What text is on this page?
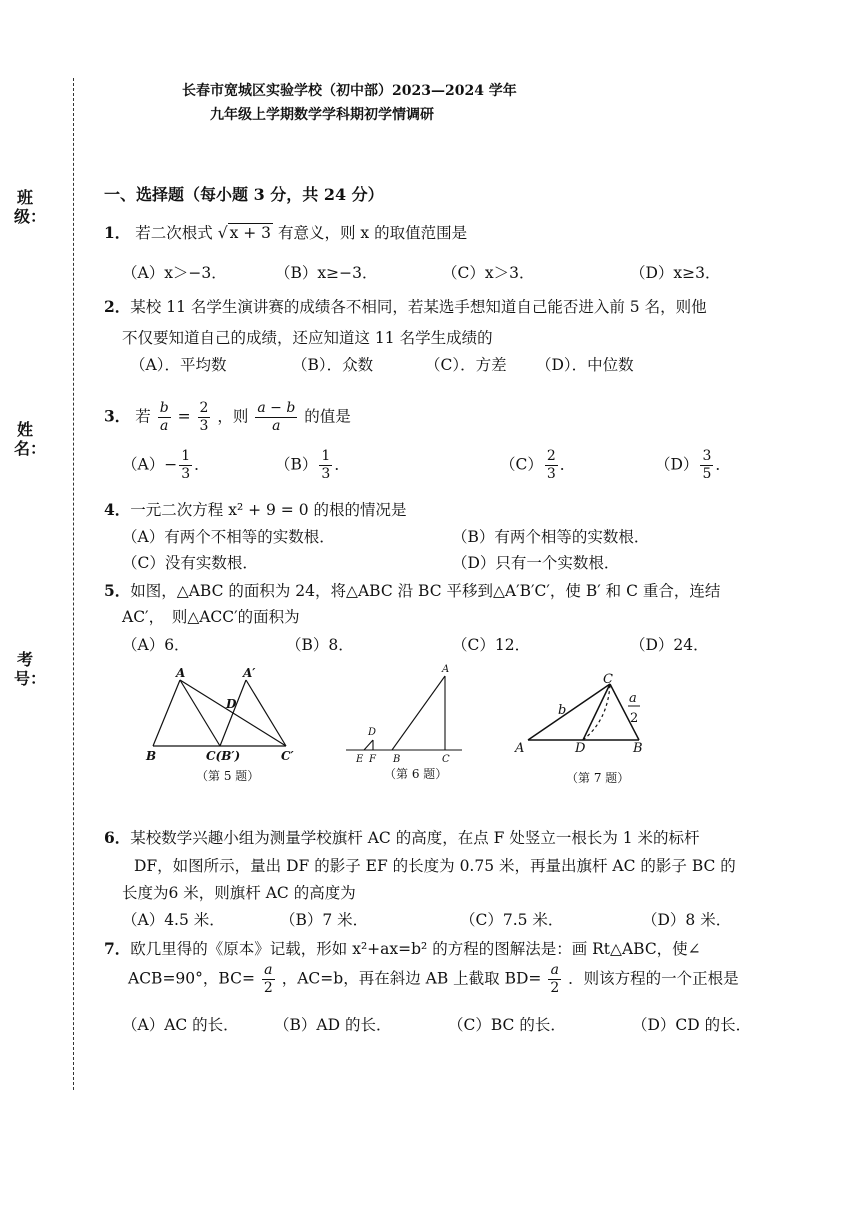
班级：
姓名：
考号：
长春市宽城区实验学校（初中部）2023—2024 学年
九年级上学期数学学科期初学情调研
一、选择题（每小题 3 分，共 24 分）
1． 若二次根式 √ x + 3 有意义，则 x 的取值范围是
（A）x＞−3．	（B）x≥−3．	（C）x＞3．	（D）x≥3．
2．某校 11 名学生演讲赛的成绩各不相同，若某选手想知道自己能否进入前 5 名，则他
不仅要知道自己的成绩，还应知道这 11 名学生成绩的
（A）．平均数	（B）．众数	（C）．方差 （D）．中位数
3． 若 $\frac{b}{a} = \frac{2}{3}$ ，则 $\frac{a - b}{a}$ 的值是
$(A)- \frac{1}{3}$ ．	$(B) \frac{1}{3}$ ．	$(C) \frac{2}{3}$ ．	$(D) \frac{3}{5}$ ．
4．一元二次方程 x² + 9 = 0 的根的情况是
（A）有两个不相等的实数根．	（B）有两个相等的实数根．
（C）没有实数根．	（D）只有一个实数根．
5．如图，△ABC 的面积为 24，将△ABC 沿 BC 平移到△A′B′C′，使 B′ 和 C 重合，连结
AC′，　则△ACC′的面积为
（A）6．	（B）8．	（C）12．	（D）24．
A	A′
D
B	C(B′)	C′
（第 5 题）
A
D
E F B	C
（第 6 题）
C
b
a
2
A	D	B
（第 7 题）
6．某校数学兴趣小组为测量学校旗杆 AC 的高度，在点 F 处竖立一根长为 1 米的标杆
DF，如图所示，量出 DF 的影子 EF 的长度为 0.75 米，再量出旗杆 AC 的影子 BC 的
长度为6 米，则旗杆 AC 的高度为
（A）4.5 米．	（B）7 米．	（C）7.5 米．	（D）8 米．
7．欧几里得的《原本》记载，形如 x²+ax=b² 的方程的图解法是：画 Rt△ABC，使∠
ACB=90°，$BC= \frac{a}{2}$ ，AC=b，再在斜边 AB 上截取 $BD= \frac{a}{2}$ ．则该方程的一个正根是
（A）AC 的长． （B）AD 的长．	（C）BC 的长．	（D）CD 的长．
